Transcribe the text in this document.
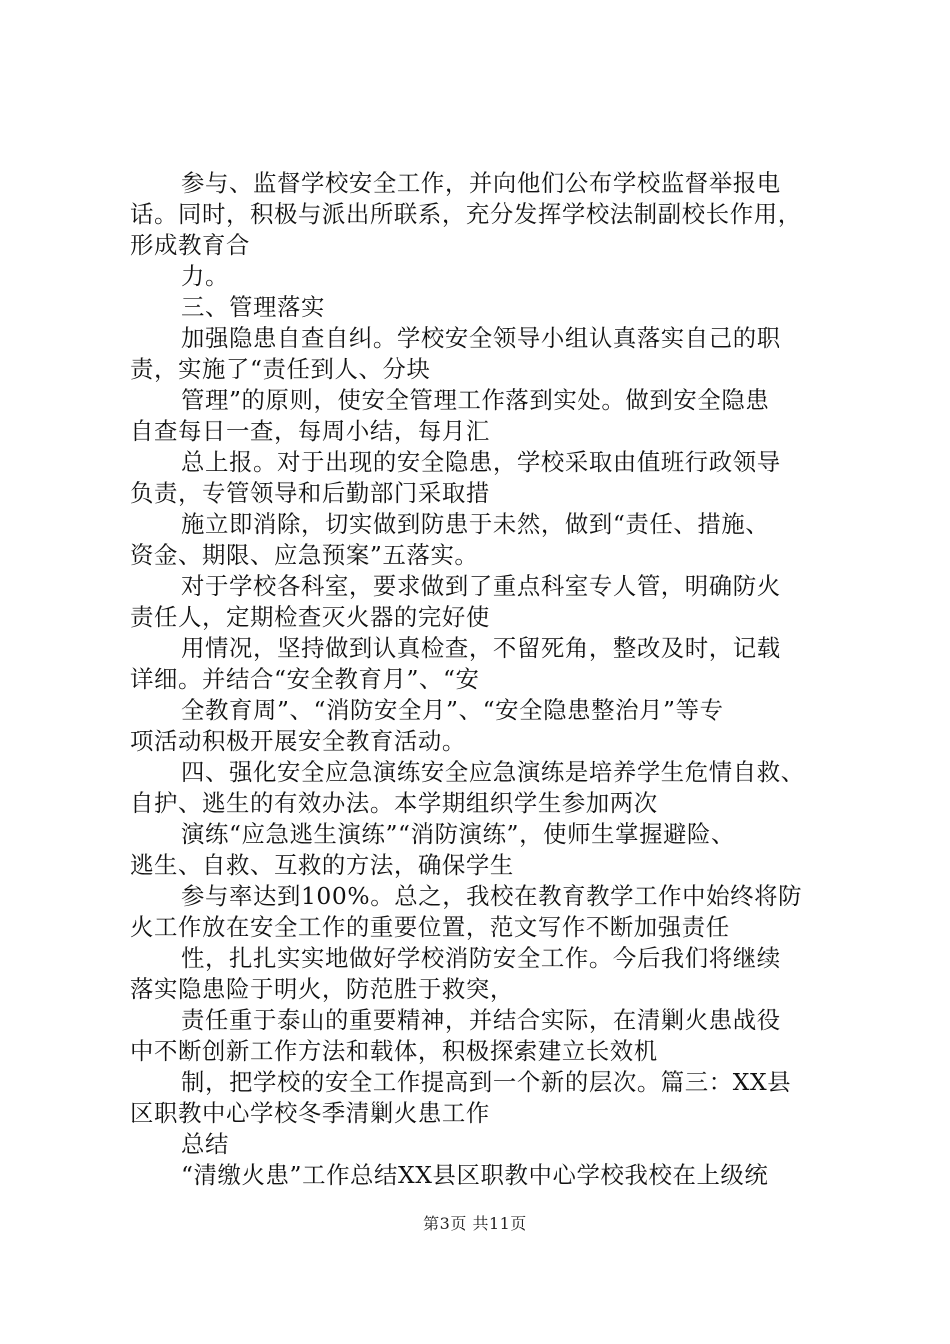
参与、监督学校安全工作，并向他们公布学校监督举报电
话。同时，积极与派出所联系，充分发挥学校法制副校长作用，
形成教育合
力。
三、管理落实
加强隐患自查自纠。学校安全领导小组认真落实自己的职
责，实施了“责任到人、分块
管理”的原则，使安全管理工作落到实处。做到安全隐患
自查每日一查，每周小结，每月汇
总上报。对于出现的安全隐患，学校采取由值班行政领导
负责，专管领导和后勤部门采取措
施立即消除，切实做到防患于未然，做到“责任、措施、
资金、期限、应急预案”五落实。
对于学校各科室，要求做到了重点科室专人管，明确防火
责任人，定期检查灭火器的完好使
用情况，坚持做到认真检查，不留死角，整改及时，记载
详细。并结合“安全教育月”、“安
全教育周”、“消防安全月”、“安全隐患整治月”等专
项活动积极开展安全教育活动。
四、强化安全应急演练安全应急演练是培养学生危情自救、
自护、逃生的有效办法。本学期组织学生参加两次
演练“应急逃生演练”“消防演练”，使师生掌握避险、
逃生、自救、互救的方法，确保学生
参与率达到100%。总之，我校在教育教学工作中始终将防
火工作放在安全工作的重要位置，范文写作不断加强责任
性，扎扎实实地做好学校消防安全工作。今后我们将继续
落实隐患险于明火，防范胜于救突，
责任重于泰山的重要精神，并结合实际，在清剿火患战役
中不断创新工作方法和载体，积极探索建立长效机
制，把学校的安全工作提高到一个新的层次。篇三：XX县
区职教中心学校冬季清剿火患工作
总结
“清缴火患”工作总结XX县区职教中心学校我校在上级统
第3页 共11页
